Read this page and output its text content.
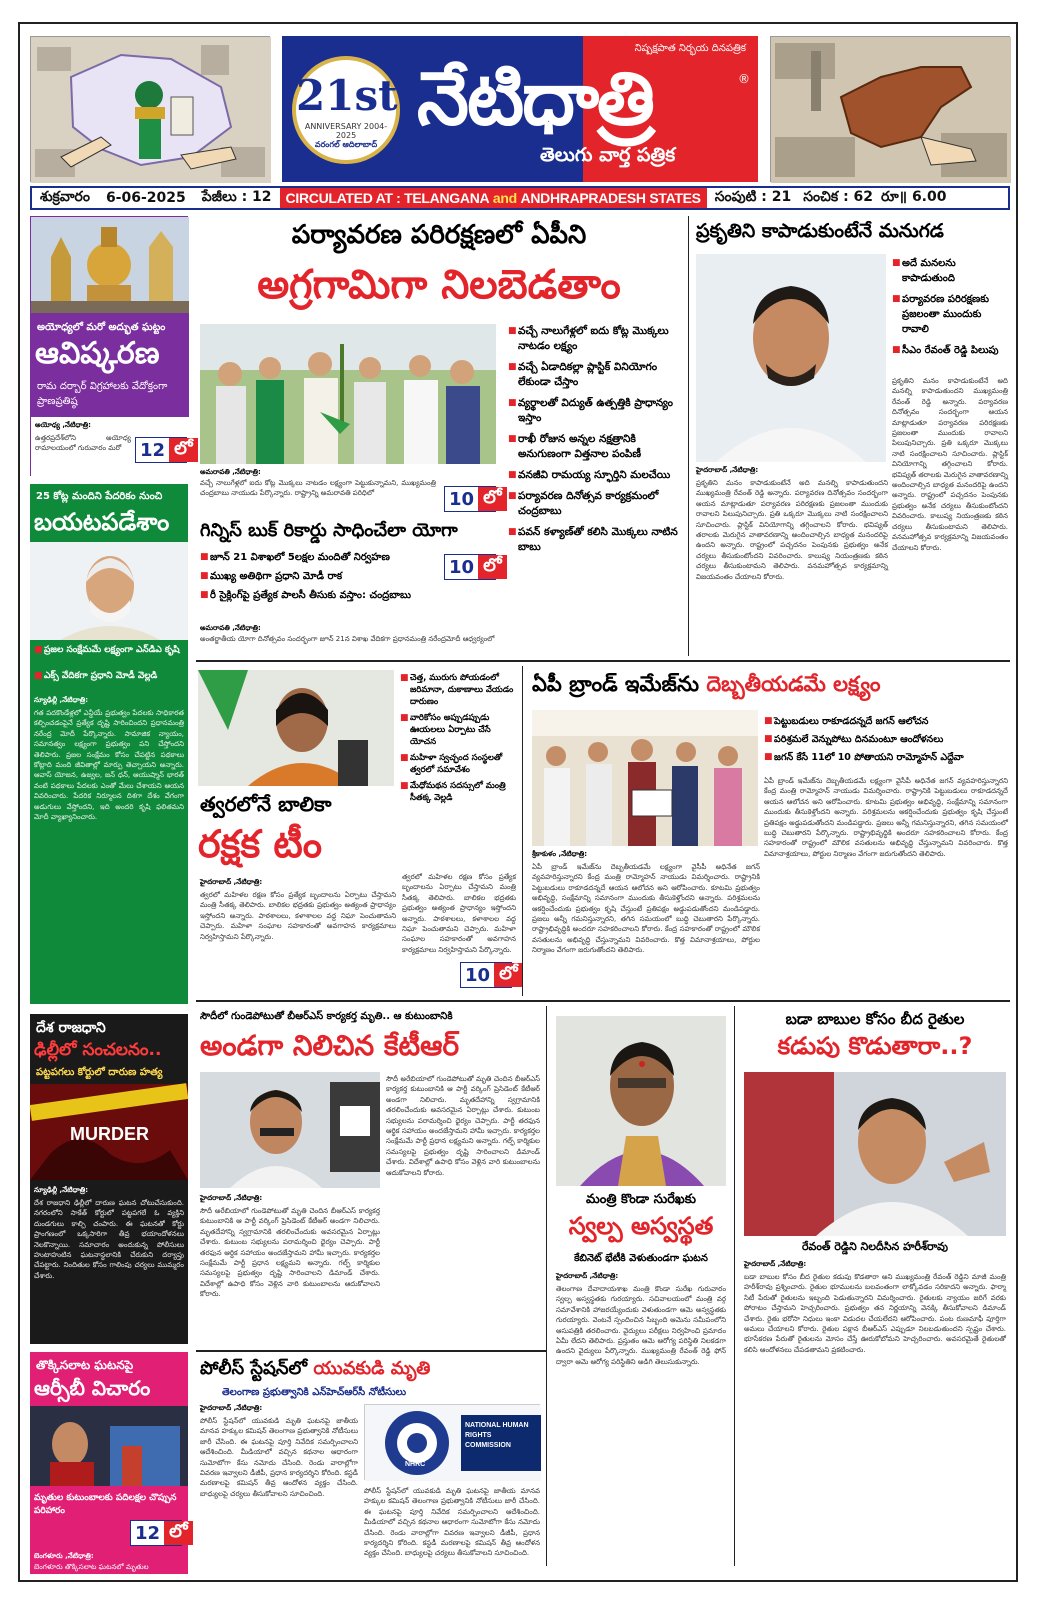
నిష్పక్షపాత నిర్భయ దినపత్రిక
21st
ANNIVERSARY 2004-2025
వరంగల్ ఆదిలాబాద్
నేటిధాత్రి	®
తెలుగు వార్త పత్రిక
శుక్రవారం	6-06-2025	పేజీలు : 12	CIRCULATED AT :
TELANGANA
and
ANDHRAPRADESH
STATES	సంపుటి : 21 సంచిక : 62 రూ॥ 6.00
అయోధ్యలో మరో అద్భుత ఘట్టం
ఆవిష్కరణ
రామ దర్బార్ విగ్రహాలకు వేదోక్తంగా ప్రాణప్రతిష్ఠ
అయోధ్య ,నేటిధాత్రి:
ఉత్తరప్రదేశ్‌లోని అయోధ్య రామాలయంలో గురువారం మరో	12 లో
25 కోట్ల మందిని పేదరికం నుంచి
బయటపడేశాం
■ ప్రజల సంక్షేమమే లక్ష్యంగా ఎన్‌డిఎ కృషి
■ ఎక్స్ వేదికగా ప్రధాని మోడీ వెల్లడి
న్యూఢిల్లీ ,నేటిధాత్రి:
గత పదకొండేళ్లలో ఎన్డీయే ప్రభుత్వం పేదలకు సాధికారత కల్పించడంపైనే ప్రత్యేక దృష్టి సారించిందని ప్రధానమంత్రి నరేంద్ర మోదీ పేర్కొన్నారు. సామాజిక న్యాయం, సమానత్వం లక్ష్యంగా ప్రభుత్వం పని చేస్తోందని తెలిపారు. ప్రజల సంక్షేమం కోసం చేపట్టిన పథకాలు కోట్లాది మంది జీవితాల్లో మార్పు తెచ్చాయని అన్నారు. ఆవాస్ యోజన, ఉజ్వల, జన్ ధన్, ఆయుష్మాన్ భారత్ వంటి పథకాలు పేదలకు ఎంతో మేలు చేశాయని ఆయన వివరించారు. పేదరిక నిర్మూలన దిశగా దేశం వేగంగా అడుగులు వేస్తోందని, ఇది అందరి కృషి ఫలితమని మోదీ వ్యాఖ్యానించారు.
దేశ రాజధాని
ఢిల్లీలో సంచలనం..
పట్టపగలు కోర్టులో దారుణ హత్య
MURDER
న్యూఢిల్లీ ,నేటిధాత్రి:
దేశ రాజధాని ఢిల్లీలో దారుణ ఘటన చోటుచేసుకుంది. నగరంలోని సాకేత్ కోర్టులో పట్టపగలే ఓ వ్యక్తిని దుండగులు కాల్చి చంపారు. ఈ ఘటనతో కోర్టు ప్రాంగణంలో ఒక్కసారిగా తీవ్ర భయాందోళనలు నెలకొన్నాయి. సమాచారం అందుకున్న పోలీసులు హుటాహుటిన ఘటనాస్థలానికి చేరుకుని దర్యాప్తు చేపట్టారు. నిందితుల కోసం గాలింపు చర్యలు ముమ్మరం చేశారు.
తొక్కిసలాట ఘటనపై
ఆర్సీబీ విచారం
మృతుల కుటుంబాలకు పదిలక్షల చొప్పున పరిహారం
12 లో
బెంగళూరు ,నేటిధాత్రి:
బెంగళూరు తొక్కిసలాట ఘటనలో మృతుల
పర్యావరణ పరిరక్షణలో ఏపీని
అగ్రగామిగా నిలబెడతాం
■ వచ్చే నాలుగేళ్లలో ఐదు కోట్ల మొక్కలు నాటడం లక్ష్యం
■ వచ్చే ఏడాదికల్లా ప్లాస్టిక్ వినియోగం లేకుండా చేస్తాం
■ వ్యర్థాలతో విద్యుత్ ఉత్పత్తికి ప్రాధాన్యం ఇస్తాం
■ రాఖీ రోజున అన్నల నక్షత్రానికి అనుగుణంగా విత్తనాల పంపిణీ
■ వనజీవి రామయ్య స్ఫూర్తిని మలచేయి
■ పర్యావరణ దినోత్సవ కార్యక్రమంలో చంద్రబాబు
■ పవన్ కళ్యాణ్‌తో కలిసి మొక్కలు నాటిన బాబు
అమరావతి ,నేటిధాత్రి:
వచ్చే నాలుగేళ్లలో ఐదు కోట్ల మొక్కలు నాటడం లక్ష్యంగా పెట్టుకున్నామని, ముఖ్యమంత్రి చంద్రబాబు నాయుడు పేర్కొన్నారు. రాష్ట్రాన్ని అమరావతి పరిధిలో	10 లో
గిన్నిస్ బుక్ రికార్డు సాధించేలా యోగా
■ జూన్ 21 విశాఖలో 5లక్షల మందితో నిర్వహణ
■ ముఖ్య అతిథిగా ప్రధాని మోడీ రాక
■ రీ సైక్లింగ్‌పై ప్రత్యేక పాలసీ తీసుకు వస్తాం: చంద్రబాబు
10 లో
అమరావతి ,నేటిధాత్రి:
అంతర్జాతీయ యోగా దినోత్సవం సందర్భంగా జూన్ 21న విశాఖ వేదికగా ప్రధానమంత్రి నరేంద్రమోదీ ఆధ్వర్యంలో
ప్రకృతిని కాపాడుకుంటేనే మనుగడ
■ అదే మనలను కాపాడుతుంది
■ పర్యావరణ పరిరక్షణకు ప్రజలంతా ముందుకు రావాలి
■ సీఎం రేవంత్ రెడ్డి పిలుపు
ప్రకృతిని మనం కాపాడుకుంటేనే అది మనల్ని కాపాడుతుందని ముఖ్యమంత్రి రేవంత్ రెడ్డి అన్నారు. పర్యావరణ దినోత్సవం సందర్భంగా ఆయన మాట్లాడుతూ పర్యావరణ పరిరక్షణకు ప్రజలంతా ముందుకు రావాలని పిలుపునిచ్చారు. ప్రతి ఒక్కరూ మొక్కలు నాటి సంరక్షించాలని సూచించారు. ప్లాస్టిక్ వినియోగాన్ని తగ్గించాలని కోరారు. భవిష్యత్ తరాలకు మెరుగైన వాతావరణాన్ని అందించాల్సిన బాధ్యత మనందరిపై ఉందని అన్నారు. రాష్ట్రంలో పచ్చదనం పెంపునకు ప్రభుత్వం అనేక చర్యలు తీసుకుంటోందని వివరించారు. కాలుష్య నియంత్రణకు కఠిన చర్యలు తీసుకుంటామని తెలిపారు. వనమహోత్సవ కార్యక్రమాన్ని విజయవంతం చేయాలని కోరారు.
హైదరాబాద్ ,నేటిధాత్రి:
ప్రకృతిని మనం కాపాడుకుంటేనే అది మనల్ని కాపాడుతుందని ముఖ్యమంత్రి రేవంత్ రెడ్డి అన్నారు. పర్యావరణ దినోత్సవం సందర్భంగా ఆయన మాట్లాడుతూ పర్యావరణ పరిరక్షణకు ప్రజలంతా ముందుకు రావాలని పిలుపునిచ్చారు. ప్రతి ఒక్కరూ మొక్కలు నాటి సంరక్షించాలని సూచించారు. ప్లాస్టిక్ వినియోగాన్ని తగ్గించాలని కోరారు. భవిష్యత్ తరాలకు మెరుగైన వాతావరణాన్ని అందించాల్సిన బాధ్యత మనందరిపై ఉందని అన్నారు. రాష్ట్రంలో పచ్చదనం పెంపునకు ప్రభుత్వం అనేక చర్యలు తీసుకుంటోందని వివరించారు. కాలుష్య నియంత్రణకు కఠిన చర్యలు తీసుకుంటామని తెలిపారు. వనమహోత్సవ కార్యక్రమాన్ని విజయవంతం చేయాలని కోరారు.
■ చెత్త, మురుగు పోయడంలో జరిమానా, దుకాణాలు వేయడం దారుణం
■ వారికోసం అప్పుడప్పుడు ఊయలలు ఏర్పాటు చేసే యోచన
■ మహిళా స్వచ్ఛంద సంస్థలతో త్వరలో సమావేశం
■ మేధోమథన సదస్సులో మంత్రి సీతక్క వెల్లడి
త్వరలోనే బాలికా
రక్షక టీం
హైదరాబాద్ ,నేటిధాత్రి:
త్వరలో మహిళల రక్షణ కోసం ప్రత్యేక బృందాలను ఏర్పాటు చేస్తామని మంత్రి సీతక్క తెలిపారు. బాలికల భద్రతకు ప్రభుత్వం అత్యంత ప్రాధాన్యం ఇస్తోందని అన్నారు. పాఠశాలలు, కళాశాలల వద్ద నిఘా పెంచుతామని చెప్పారు. మహిళా సంఘాల సహకారంతో అవగాహన కార్యక్రమాలు నిర్వహిస్తామని పేర్కొన్నారు.
త్వరలో మహిళల రక్షణ కోసం ప్రత్యేక బృందాలను ఏర్పాటు చేస్తామని మంత్రి సీతక్క తెలిపారు. బాలికల భద్రతకు ప్రభుత్వం అత్యంత ప్రాధాన్యం ఇస్తోందని అన్నారు. పాఠశాలలు, కళాశాలల వద్ద నిఘా పెంచుతామని చెప్పారు. మహిళా సంఘాల సహకారంతో అవగాహన కార్యక్రమాలు నిర్వహిస్తామని పేర్కొన్నారు.
10 లో
ఏపీ బ్రాండ్ ఇమేజ్‌ను దెబ్బతీయడమే లక్ష్యం
■ పెట్టుబడులు రాకూడదన్నదే జగన్ ఆలోచన
■ పరిశ్రమలే వెన్నుపోటు దినమంటూ ఆందోళనలు
■ జగన్ కేసే 11లో 10 పోతాయని రామ్మోహన్ ఎద్దేవా
ఏపీ బ్రాండ్ ఇమేజ్‌ను దెబ్బతీయడమే లక్ష్యంగా వైసీపీ అధినేత జగన్ వ్యవహరిస్తున్నారని కేంద్ర మంత్రి రామ్మోహన్ నాయుడు విమర్శించారు. రాష్ట్రానికి పెట్టుబడులు రాకూడదన్నదే ఆయన ఆలోచన అని ఆరోపించారు. కూటమి ప్రభుత్వం అభివృద్ధి, సంక్షేమాన్ని సమానంగా ముందుకు తీసుకెళ్తోందని అన్నారు. పరిశ్రమలను ఆకర్షించేందుకు ప్రభుత్వం కృషి చేస్తుంటే ప్రతిపక్షం అడ్డుపడుతోందని మండిపడ్డారు. ప్రజలు అన్నీ గమనిస్తున్నారని, తగిన సమయంలో బుద్ధి చెబుతారని పేర్కొన్నారు. రాష్ట్రాభివృద్ధికి అందరూ సహకరించాలని కోరారు. కేంద్ర సహకారంతో రాష్ట్రంలో మౌలిక వసతులను అభివృద్ధి చేస్తున్నామని వివరించారు. కొత్త విమానాశ్రయాలు, పోర్టుల నిర్మాణం వేగంగా జరుగుతోందని తెలిపారు.
శ్రీకాకుళం ,నేటిధాత్రి:
ఏపీ బ్రాండ్ ఇమేజ్‌ను దెబ్బతీయడమే లక్ష్యంగా వైసీపీ అధినేత జగన్ వ్యవహరిస్తున్నారని కేంద్ర మంత్రి రామ్మోహన్ నాయుడు విమర్శించారు. రాష్ట్రానికి పెట్టుబడులు రాకూడదన్నదే ఆయన ఆలోచన అని ఆరోపించారు. కూటమి ప్రభుత్వం అభివృద్ధి, సంక్షేమాన్ని సమానంగా ముందుకు తీసుకెళ్తోందని అన్నారు. పరిశ్రమలను ఆకర్షించేందుకు ప్రభుత్వం కృషి చేస్తుంటే ప్రతిపక్షం అడ్డుపడుతోందని మండిపడ్డారు. ప్రజలు అన్నీ గమనిస్తున్నారని, తగిన సమయంలో బుద్ధి చెబుతారని పేర్కొన్నారు. రాష్ట్రాభివృద్ధికి అందరూ సహకరించాలని కోరారు. కేంద్ర సహకారంతో రాష్ట్రంలో మౌలిక వసతులను అభివృద్ధి చేస్తున్నామని వివరించారు. కొత్త విమానాశ్రయాలు, పోర్టుల నిర్మాణం వేగంగా జరుగుతోందని తెలిపారు.
సౌదీలో గుండెపోటుతో బీఆర్ఎస్ కార్యకర్త మృతి.. ఆ కుటుంబానికి
అండగా నిలిచిన కేటీఆర్
సౌదీ అరేబియాలో గుండెపోటుతో మృతి చెందిన బీఆర్ఎస్ కార్యకర్త కుటుంబానికి ఆ పార్టీ వర్కింగ్ ప్రెసిడెంట్ కేటీఆర్ అండగా నిలిచారు. మృతదేహాన్ని స్వగ్రామానికి తరలించేందుకు అవసరమైన ఏర్పాట్లు చేశారు. కుటుంబ సభ్యులను పరామర్శించి ధైర్యం చెప్పారు. పార్టీ తరఫున ఆర్థిక సహాయం అందజేస్తామని హామీ ఇచ్చారు. కార్యకర్తల సంక్షేమమే పార్టీ ప్రధాన లక్ష్యమని అన్నారు. గల్ఫ్ కార్మికుల సమస్యలపై ప్రభుత్వం దృష్టి సారించాలని డిమాండ్ చేశారు. విదేశాల్లో ఉపాధి కోసం వెళ్లిన వారి కుటుంబాలను ఆదుకోవాలని కోరారు.
హైదరాబాద్ ,నేటిధాత్రి:
సౌదీ అరేబియాలో గుండెపోటుతో మృతి చెందిన బీఆర్ఎస్ కార్యకర్త కుటుంబానికి ఆ పార్టీ వర్కింగ్ ప్రెసిడెంట్ కేటీఆర్ అండగా నిలిచారు. మృతదేహాన్ని స్వగ్రామానికి తరలించేందుకు అవసరమైన ఏర్పాట్లు చేశారు. కుటుంబ సభ్యులను పరామర్శించి ధైర్యం చెప్పారు. పార్టీ తరఫున ఆర్థిక సహాయం అందజేస్తామని హామీ ఇచ్చారు. కార్యకర్తల సంక్షేమమే పార్టీ ప్రధాన లక్ష్యమని అన్నారు. గల్ఫ్ కార్మికుల సమస్యలపై ప్రభుత్వం దృష్టి సారించాలని డిమాండ్ చేశారు. విదేశాల్లో ఉపాధి కోసం వెళ్లిన వారి కుటుంబాలను ఆదుకోవాలని కోరారు.
మంత్రి కొండా సురేఖకు
స్వల్ప అస్వస్థత
కేబినెట్ భేటీకి వెళుతుండగా ఘటన
హైదరాబాద్ ,నేటిధాత్రి:
తెలంగాణ దేవాదాయశాఖ మంత్రి కొండా సురేఖ గురువారం స్వల్ప అస్వస్థతకు గురయ్యారు. సచివాలయంలో మంత్రి వర్గ సమావేశానికి హాజరయ్యేందుకు వెళుతుండగా ఆమె అస్వస్థతకు గురయ్యారు. వెంటనే స్పందించిన సిబ్బంది ఆమెను సమీపంలోని ఆసుపత్రికి తరలించారు. వైద్యులు పరీక్షలు నిర్వహించి ప్రమాదం ఏమీ లేదని తెలిపారు. ప్రస్తుతం ఆమె ఆరోగ్య పరిస్థితి నిలకడగా ఉందని వైద్యులు పేర్కొన్నారు. ముఖ్యమంత్రి రేవంత్ రెడ్డి ఫోన్ ద్వారా ఆమె ఆరోగ్య పరిస్థితిని అడిగి తెలుసుకున్నారు.
బడా బాబుల కోసం బీద రైతుల
కడుపు కొడుతారా..?
రేవంత్ రెడ్డిని నిలదీసిన హరీశ్‌రావు
హైదరాబాద్ ,నేటిధాత్రి:
బడా బాబుల కోసం బీద రైతుల కడుపు కొడతారా అని ముఖ్యమంత్రి రేవంత్ రెడ్డిని మాజీ మంత్రి హరీశ్‌రావు ప్రశ్నించారు. రైతుల భూములను బలవంతంగా లాక్కోవడం సరికాదని అన్నారు. ఫార్మా సిటీ పేరుతో రైతులను ఇబ్బంది పెడుతున్నారని విమర్శించారు. రైతులకు న్యాయం జరిగే వరకు పోరాటం చేస్తామని హెచ్చరించారు. ప్రభుత్వం తన నిర్ణయాన్ని వెనక్కి తీసుకోవాలని డిమాండ్ చేశారు. రైతు భరోసా నిధులు ఇంకా విడుదల చేయలేదని ఆరోపించారు. పంట రుణమాఫీ పూర్తిగా అమలు చేయాలని కోరారు. రైతుల పక్షాన బీఆర్ఎస్ ఎప్పుడూ నిలబడుతుందని స్పష్టం చేశారు. భూసేకరణ పేరుతో రైతులను మోసం చేస్తే ఊరుకోబోమని హెచ్చరించారు. అవసరమైతే రైతులతో కలిసి ఆందోళనలు చేపడతామని ప్రకటించారు.
పోలీస్ స్టేషన్‌లో యువకుడి మృతి
తెలంగాణ ప్రభుత్వానికి ఎన్‌హెచ్ఆర్‌సీ నోటీసులు
హైదరాబాద్ ,నేటిధాత్రి:
పోలీస్ స్టేషన్‌లో యువకుడి మృతి ఘటనపై జాతీయ మానవ హక్కుల కమిషన్ తెలంగాణ ప్రభుత్వానికి నోటీసులు జారీ చేసింది. ఈ ఘటనపై పూర్తి నివేదిక సమర్పించాలని ఆదేశించింది. మీడియాలో వచ్చిన కథనాల ఆధారంగా సుమోటోగా కేసు నమోదు చేసింది. రెండు వారాల్లోగా వివరణ ఇవ్వాలని డీజీపీ, ప్రధాన కార్యదర్శిని కోరింది. కస్టడీ మరణాలపై కమిషన్ తీవ్ర ఆందోళన వ్యక్తం చేసింది. బాధ్యులపై చర్యలు తీసుకోవాలని సూచించింది.
NHRC
NATIONAL HUMAN RIGHTS COMMISSION
పోలీస్ స్టేషన్‌లో యువకుడి మృతి ఘటనపై జాతీయ మానవ హక్కుల కమిషన్ తెలంగాణ ప్రభుత్వానికి నోటీసులు జారీ చేసింది. ఈ ఘటనపై పూర్తి నివేదిక సమర్పించాలని ఆదేశించింది. మీడియాలో వచ్చిన కథనాల ఆధారంగా సుమోటోగా కేసు నమోదు చేసింది. రెండు వారాల్లోగా వివరణ ఇవ్వాలని డీజీపీ, ప్రధాన కార్యదర్శిని కోరింది. కస్టడీ మరణాలపై కమిషన్ తీవ్ర ఆందోళన వ్యక్తం చేసింది. బాధ్యులపై చర్యలు తీసుకోవాలని సూచించింది.
